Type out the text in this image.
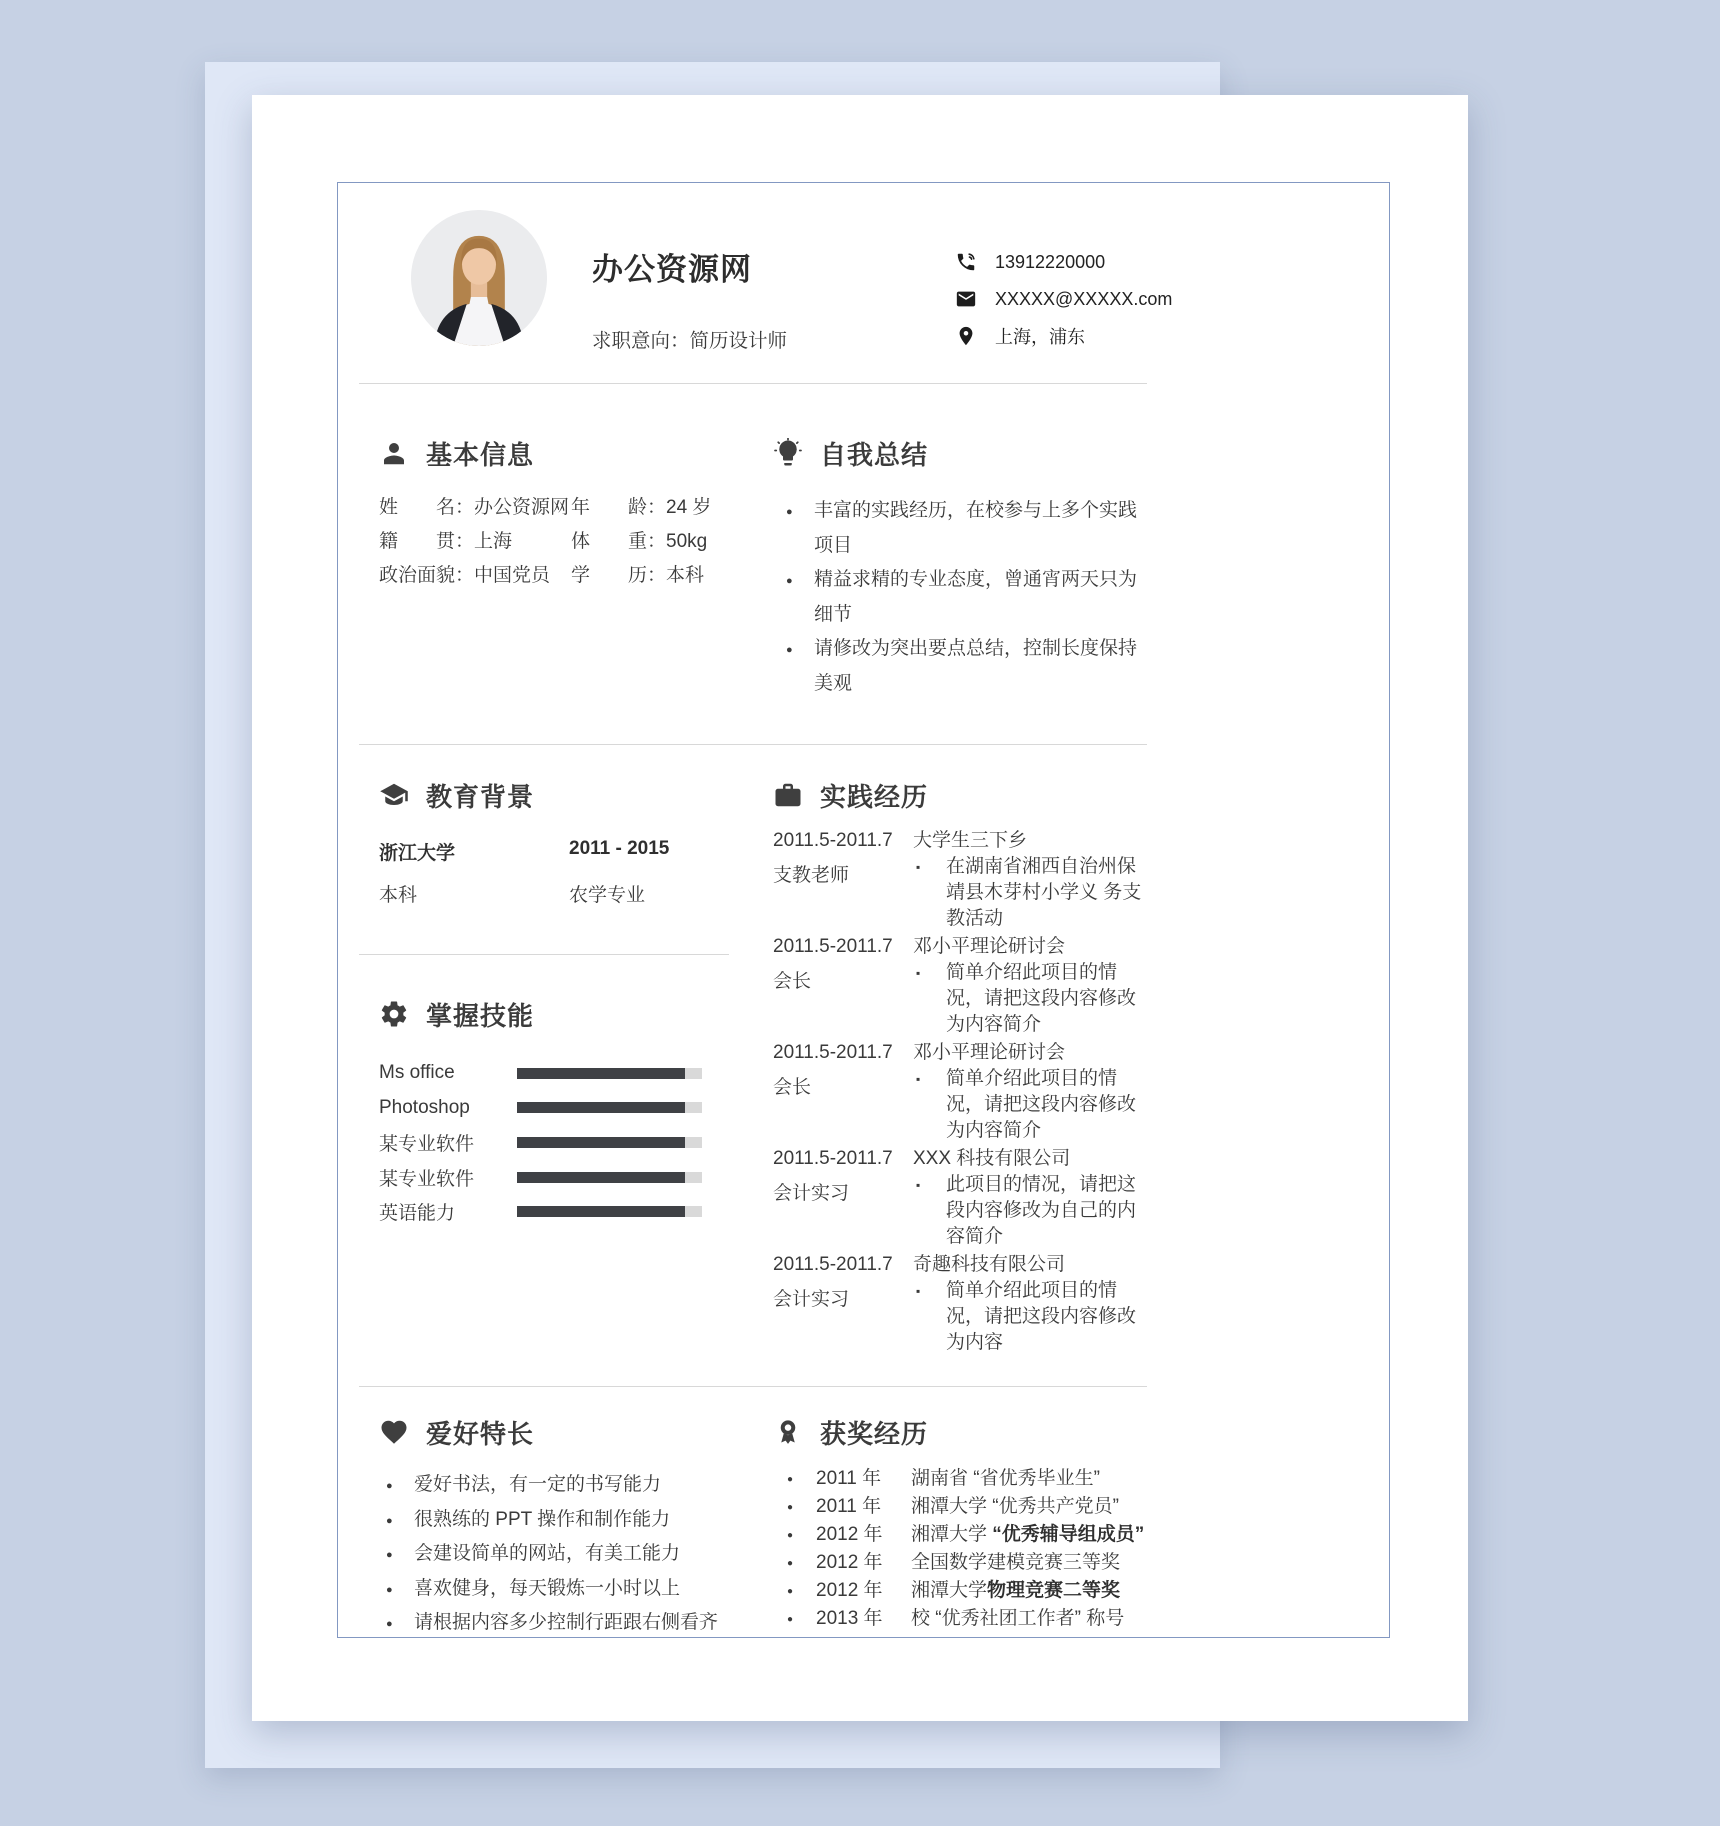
办公资源网
求职意向：简历设计师
13912220000
XXXXX@XXXXX.com
上海，浦东
基本信息
姓名： 办公资源网 年龄： 24 岁
籍贯： 上海	体重： 50kg
政治面貌： 中国党员	学历： 本科
自我总结
● 丰富的实践经历，在校参与上多个实践项目
● 精益求精的专业态度，曾通宵两天只为细节
● 请修改为突出要点总结，控制长度保持美观
教育背景
浙江大学	2011 - 2015
本科	农学专业
掌握技能
Ms office
Photoshop
某专业软件
某专业软件
英语能力
实践经历
2011.5-2011.7
支教老师
大学生三下乡
▪ 在湖南省湘西自治州保靖县木芽村小学义 务支教活动
2011.5-2011.7
会长
邓小平理论研讨会
▪ 简单介绍此项目的情况，请把这段内容修改为内容简介
2011.5-2011.7
会长
邓小平理论研讨会
▪ 简单介绍此项目的情况，请把这段内容修改为内容简介
2011.5-2011.7
会计实习
XXX 科技有限公司
▪ 此项目的情况，请把这段内容修改为自己的内容简介
2011.5-2011.7
会计实习
奇趣科技有限公司
▪ 简单介绍此项目的情况，请把这段内容修改为内容
爱好特长
● 爱好书法，有一定的书写能力
● 很熟练的 PPT 操作和制作能力
● 会建设简单的网站，有美工能力
● 喜欢健身，每天锻炼一小时以上
● 请根据内容多少控制行距跟右侧看齐
获奖经历
● 2011 年 湖南省 “省优秀毕业生”
● 2011 年 湘潭大学 “优秀共产党员”
● 2012 年 湘潭大学 “优秀辅导组成员”
● 2012 年 全国数学建模竞赛三等奖
● 2012 年 湘潭大学物理竞赛二等奖
● 2013 年 校 “优秀社团工作者” 称号
